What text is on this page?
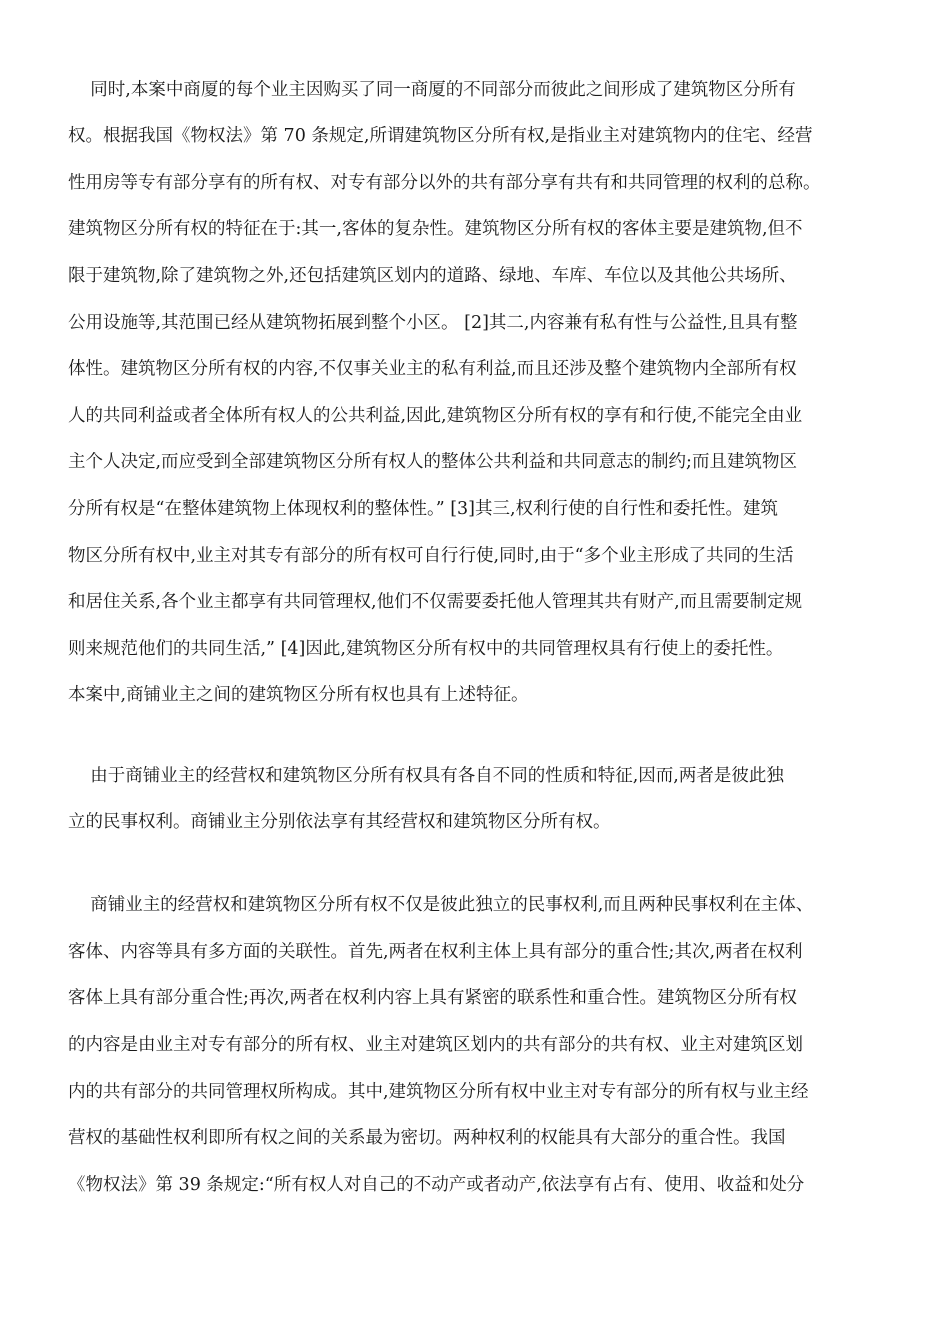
同时,本案中商厦的每个业主因购买了同一商厦的不同部分而彼此之间形成了建筑物区分所有

权。根据我国《物权法》第 70 条规定,所谓建筑物区分所有权,是指业主对建筑物内的住宅、经营

性用房等专有部分享有的所有权、对专有部分以外的共有部分享有共有和共同管理的权利的总称。

建筑物区分所有权的特征在于:其一,客体的复杂性。建筑物区分所有权的客体主要是建筑物,但不

限于建筑物,除了建筑物之外,还包括建筑区划内的道路、绿地、车库、车位以及其他公共场所、

公用设施等,其范围已经从建筑物拓展到整个小区。 [2]其二,内容兼有私有性与公益性,且具有整

体性。建筑物区分所有权的内容,不仅事关业主的私有利益,而且还涉及整个建筑物内全部所有权

人的共同利益或者全体所有权人的公共利益,因此,建筑物区分所有权的享有和行使,不能完全由业

主个人决定,而应受到全部建筑物区分所有权人的整体公共利益和共同意志的制约;而且建筑物区

分所有权是“在整体建筑物上体现权利的整体性。” [3]其三,权利行使的自行性和委托性。建筑

物区分所有权中,业主对其专有部分的所有权可自行行使,同时,由于“多个业主形成了共同的生活

和居住关系,各个业主都享有共同管理权,他们不仅需要委托他人管理其共有财产,而且需要制定规

则来规范他们的共同生活,” [4]因此,建筑物区分所有权中的共同管理权具有行使上的委托性。

本案中,商铺业主之间的建筑物区分所有权也具有上述特征。

由于商铺业主的经营权和建筑物区分所有权具有各自不同的性质和特征,因而,两者是彼此独

立的民事权利。商铺业主分别依法享有其经营权和建筑物区分所有权。

商铺业主的经营权和建筑物区分所有权不仅是彼此独立的民事权利,而且两种民事权利在主体、

客体、内容等具有多方面的关联性。首先,两者在权利主体上具有部分的重合性;其次,两者在权利

客体上具有部分重合性;再次,两者在权利内容上具有紧密的联系性和重合性。建筑物区分所有权

的内容是由业主对专有部分的所有权、业主对建筑区划内的共有部分的共有权、业主对建筑区划

内的共有部分的共同管理权所构成。其中,建筑物区分所有权中业主对专有部分的所有权与业主经

营权的基础性权利即所有权之间的关系最为密切。两种权利的权能具有大部分的重合性。我国

《物权法》第 39 条规定:“所有权人对自己的不动产或者动产,依法享有占有、使用、收益和处分
